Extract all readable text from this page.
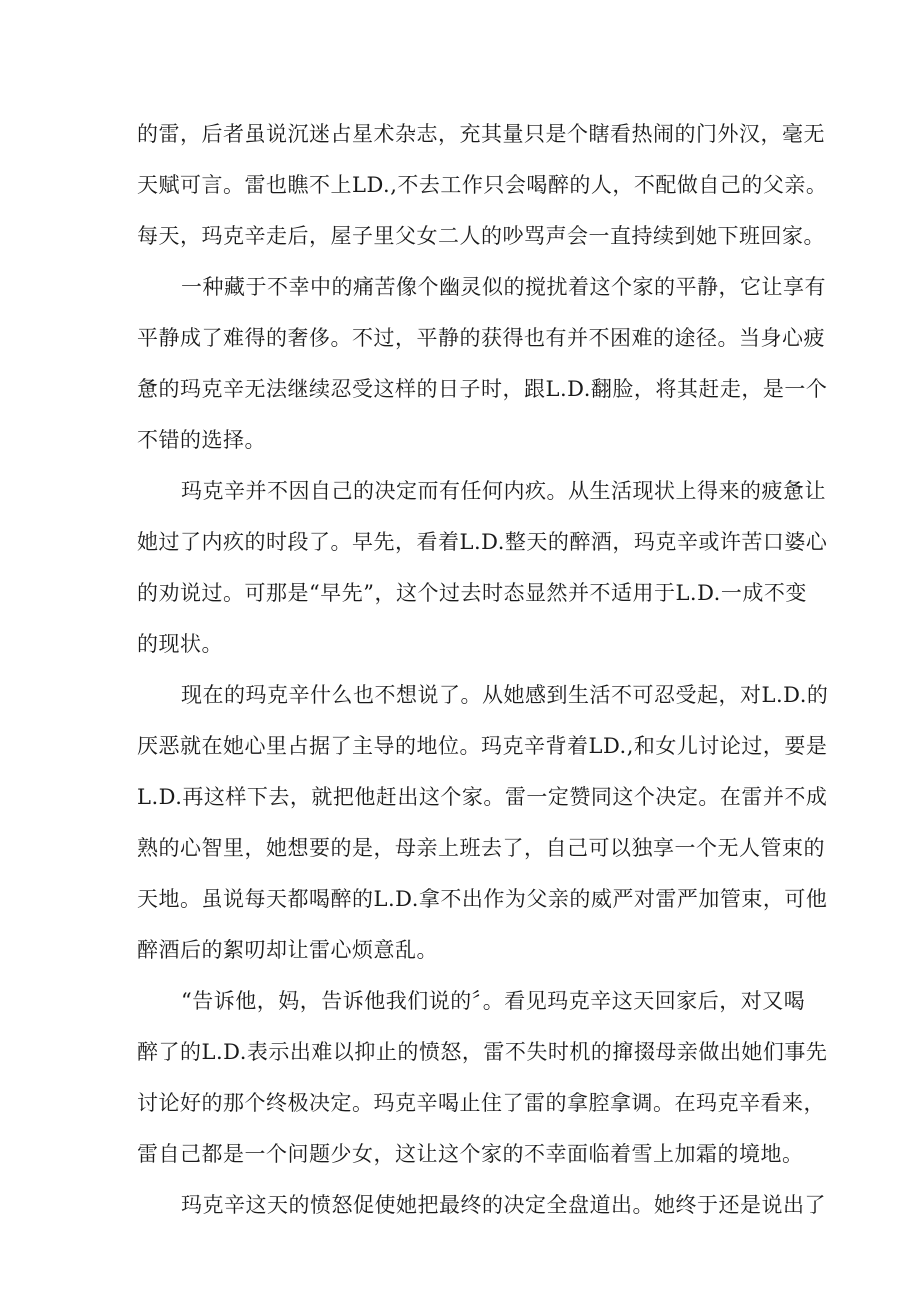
的雷，后者虽说沉迷占星术杂志，充其量只是个瞎看热闹的门外汉，毫无
天赋可言。雷也瞧不上LD.,不去工作只会喝醉的人，不配做自己的父亲。
每天，玛克辛走后，屋子里父女二人的吵骂声会一直持续到她下班回家。
一种藏于不幸中的痛苦像个幽灵似的搅扰着这个家的平静，它让享有
平静成了难得的奢侈。不过，平静的获得也有并不困难的途径。当身心疲
惫的玛克辛无法继续忍受这样的日子时，跟L.D.翻脸，将其赶走，是一个
不错的选择。
玛克辛并不因自己的决定而有任何内疚。从生活现状上得来的疲惫让
她过了内疚的时段了。早先，看着L.D.整天的醉酒，玛克辛或许苦口婆心
的劝说过。可那是“早先”，这个过去时态显然并不适用于L.D.一成不变
的现状。
现在的玛克辛什么也不想说了。从她感到生活不可忍受起，对L.D.的
厌恶就在她心里占据了主导的地位。玛克辛背着LD.,和女儿讨论过，要是
L.D.再这样下去，就把他赶出这个家。雷一定赞同这个决定。在雷并不成
熟的心智里，她想要的是，母亲上班去了，自己可以独享一个无人管束的
天地。虽说每天都喝醉的L.D.拿不出作为父亲的威严对雷严加管束，可他
醉酒后的絮叨却让雷心烦意乱。
“告诉他，妈，告诉他我们说的〞。看见玛克辛这天回家后，对又喝
醉了的L.D.表示出难以抑止的愤怒，雷不失时机的撺掇母亲做出她们事先
讨论好的那个终极决定。玛克辛喝止住了雷的拿腔拿调。在玛克辛看来，
雷自己都是一个问题少女，这让这个家的不幸面临着雪上加霜的境地。
玛克辛这天的愤怒促使她把最终的决定全盘道出。她终于还是说出了
